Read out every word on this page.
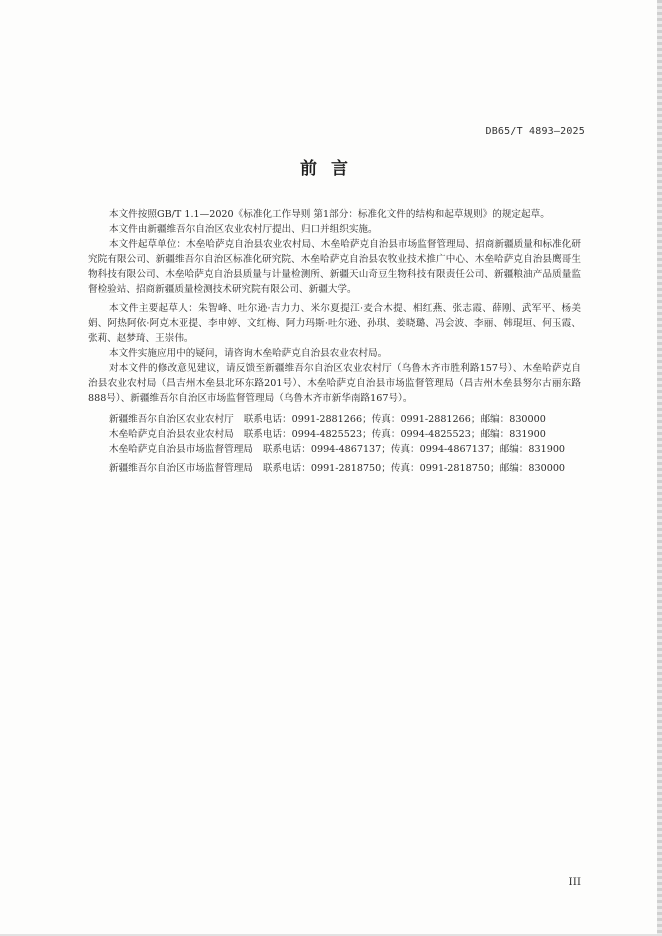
DB65/T 4893—2025
前言

本文件按照GB/T 1.1—2020《标准化工作导则 第1部分：标准化文件的结构和起草规则》的规定起草。

本文件由新疆维吾尔自治区农业农村厅提出、归口并组织实施。

本文件起草单位：木垒哈萨克自治县农业农村局、木垒哈萨克自治县市场监督管理局、招商新疆质量和标准化研究院有限公司、新疆维吾尔自治区标准化研究院、木垒哈萨克自治县农牧业技术推广中心、木垒哈萨克自治县鹰哥生物科技有限公司、木垒哈萨克自治县质量与计量检测所、新疆天山奇豆生物科技有限责任公司、新疆粮油产品质量监督检验站、招商新疆质量检测技术研究院有限公司、新疆大学。

本文件主要起草人：朱智峰、吐尔逊·吉力力、米尔夏提江·麦合木提、相红燕、张志霞、薛刚、武军平、杨美娟、阿热阿依·阿克木亚提、李申婷、文红梅、阿力玛斯·吐尔逊、孙琪、姜晓璐、冯会波、李丽、韩琨垣、何玉霞、张莉、赵梦琦、王崇伟。

本文件实施应用中的疑问，请咨询木垒哈萨克自治县农业农村局。

对本文件的修改意见建议，请反馈至新疆维吾尔自治区农业农村厅（乌鲁木齐市胜利路157号）、木垒哈萨克自治县农业农村局（昌吉州木垒县北环东路201号）、木垒哈萨克自治县市场监督管理局（昌吉州木垒县努尔古丽东路888号）、新疆维吾尔自治区市场监督管理局（乌鲁木齐市新华南路167号）。

新疆维吾尔自治区农业农村厅 联系电话：0991-2881266；传真：0991-2881266；邮编：830000

木垒哈萨克自治县农业农村局 联系电话：0994-4825523；传真：0994-4825523；邮编：831900

木垒哈萨克自治县市场监督管理局 联系电话：0994-4867137；传真：0994-4867137；邮编：831900

新疆维吾尔自治区市场监督管理局 联系电话：0991-2818750；传真：0991-2818750；邮编：830000

III
